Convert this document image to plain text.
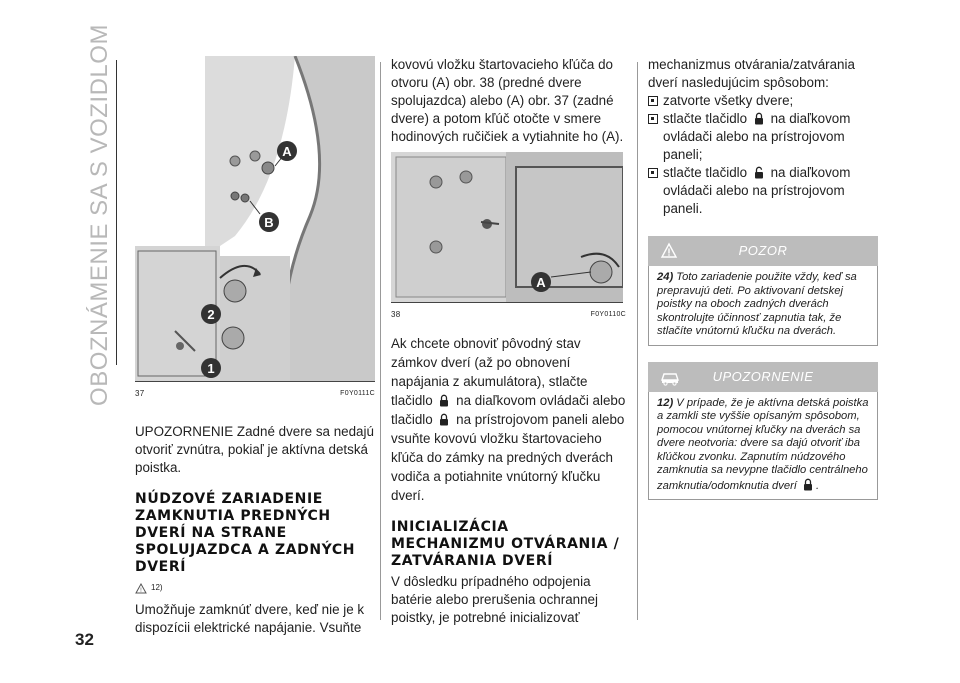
OBOZNÁMENIE SA S VOZIDLOM
32
A
B
2
1
37	F0Y0111C

UPOZORNENIE Zadné dvere sa nedajú otvoriť zvnútra, pokiaľ je aktívna detská poistka.

NÚDZOVÉ ZARIADENIE ZAMKNUTIA PREDNÝCH DVERÍ NA STRANE SPOLUJAZDCA A ZADNÝCH DVERÍ
! 12)

Umožňuje zamknúť dvere, keď nie je k dispozícii elektrické napájanie. Vsuňte

kovovú vložku štartovacieho kľúča do otvoru (A) obr. 38 (predné dvere spolujazdca) alebo (A) obr. 37 (zadné dvere) a potom kľúč otočte v smere hodinových ručičiek a vytiahnite ho (A).

A
38	F0Y0110C

Ak chcete obnoviť pôvodný stav zámkov dverí (až po obnovení napájania z akumulátora), stlačte tlačidlo na diaľkovom ovládači alebo tlačidlo na prístrojovom paneli alebo vsuňte kovovú vložku štartovacieho kľúča do zámky na predných dverách vodiča a potiahnite vnútorný kľučku dverí.

INICIALIZÁCIA MECHANIZMU OTVÁRANIA / ZATVÁRANIA DVERÍ

V dôsledku prípadného odpojenia batérie alebo prerušenia ochrannej poistky, je potrebné inicializovať

mechanizmus otvárania/zatvárania dverí nasledujúcim spôsobom:

zatvorte všetky dvere;
stlačte tlačidlo na diaľkovom ovládači alebo na prístrojovom paneli;
stlačte tlačidlo na diaľkovom ovládači alebo na prístrojovom paneli.
POZOR
24) Toto zariadenie použite vždy, keď sa prepravujú deti. Po aktivovaní detskej poistky na oboch zadných dverách skontrolujte účinnosť zapnutia tak, že stlačíte vnútornú kľučku na dverách.
UPOZORNENIE
12) V prípade, že je aktívna detská poistka a zamkli ste vyššie opísaným spôsobom, pomocou vnútornej kľučky na dverách sa dvere neotvoria: dvere sa dajú otvoriť iba kľúčkou zvonku. Zapnutím núdzového zamknutia sa nevypne tlačidlo centrálneho zamknutia/odomknutia dverí .
